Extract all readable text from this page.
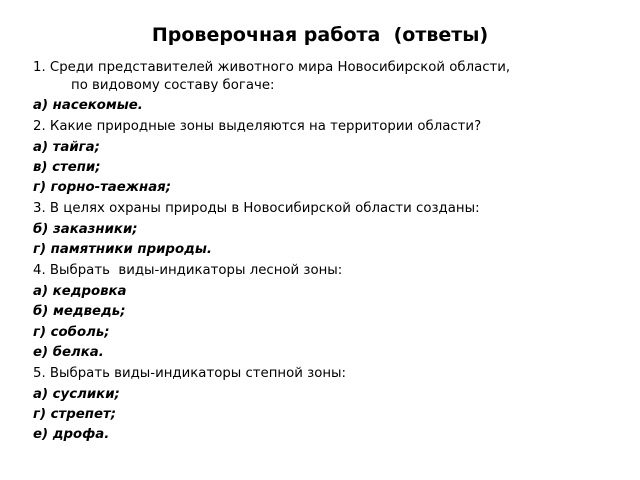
Проверочная работа  (ответы)
1. Среди представителей животного мира Новосибирской области,
по видовому составу богаче:
а) насекомые.
2. Какие природные зоны выделяются на территории области?
а) тайга;
в) степи;
г) горно-таежная;
3. В целях охраны природы в Новосибирской области созданы:
б) заказники;
г) памятники природы.
4. Выбрать  виды-индикаторы лесной зоны:
а) кедровка
б) медведь;
г) соболь;
е) белка.
5. Выбрать виды-индикаторы степной зоны:
а) суслики;
г) стрепет;
е) дрофа.
